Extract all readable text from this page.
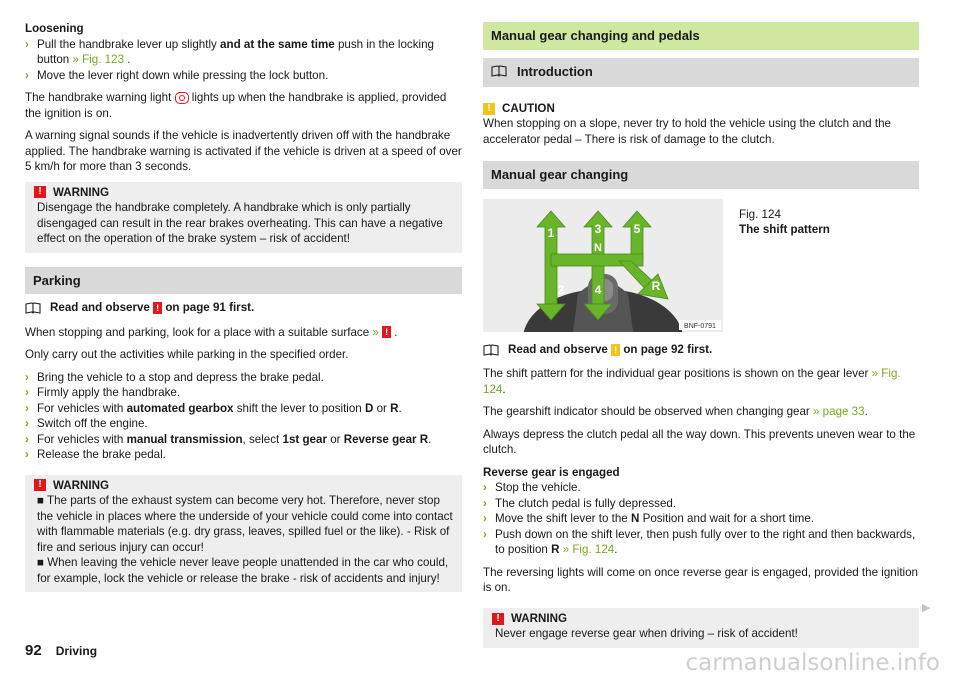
Loosening

› Pull the handbrake lever up slightly and at the same time push in the locking button » Fig. 123 .
› Move the lever right down while pressing the lock button.

The handbrake warning light  lights up when the handbrake is applied, provided the ignition is on.

A warning signal sounds if the vehicle is inadvertently driven off with the handbrake applied. The handbrake warning is activated if the vehicle is driven at a speed of over 5 km/h for more than 3 seconds.

! WARNING

Disengage the handbrake completely. A handbrake which is only partially disengaged can result in the rear brakes overheating. This can have a negative effect on the operation of the brake system – risk of accident!

Parking
Read and observe ! on page 91 first.

When stopping and parking, look for a place with a suitable surface » ! .

Only carry out the activities while parking in the specified order.

› Bring the vehicle to a stop and depress the brake pedal.
› Firmly apply the handbrake.
› For vehicles with automated gearbox shift the lever to position D or R.
› Switch off the engine.
› For vehicles with manual transmission, select 1st gear or Reverse gear R.
› Release the brake pedal.
! WARNING

■ The parts of the exhaust system can become very hot. Therefore, never stop the vehicle in places where the underside of your vehicle could come into contact with flammable materials (e.g. dry grass, leaves, spilled fuel or the like). - Risk of fire and serious injury can occur!

■ When leaving the vehicle never leave people unattended in the car who could, for example, lock the vehicle or release the brake - risk of accidents and injury!

Manual gear changing and pedals
Introduction
! CAUTION

When stopping on a slope, never try to hold the vehicle using the clutch and the accelerator pedal – There is risk of damage to the clutch.

Manual gear changing
1	3	5
N
2	4	R
BNF-0791
Fig. 124
The shift pattern
Read and observe ! on page 92 first.

The shift pattern for the individual gear positions is shown on the gear lever » Fig. 124.

The gearshift indicator should be observed when changing gear » page 33.

Always depress the clutch pedal all the way down. This prevents uneven wear to the clutch.

Reverse gear is engaged

› Stop the vehicle.
› The clutch pedal is fully depressed.
› Move the shift lever to the N Position and wait for a short time.
› Push down on the shift lever, then push fully over to the right and then backwards, to position R » Fig. 124.

The reversing lights will come on once reverse gear is engaged, provided the ignition is on.

! WARNING

Never engage reverse gear when driving – risk of accident!

▶
92 Driving	carmanualsonline.info
